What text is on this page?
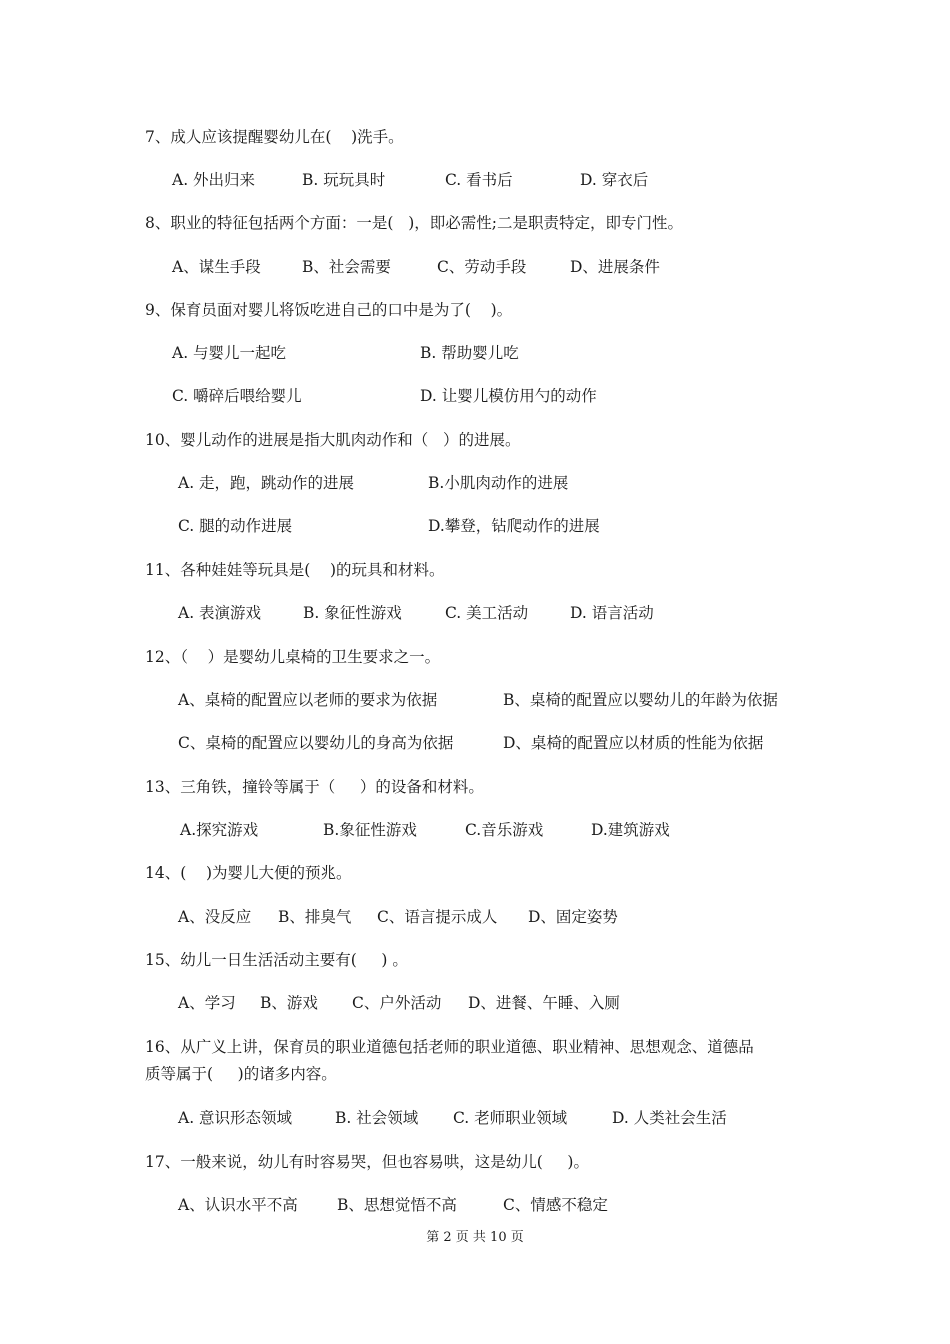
7、成人应该提醒婴幼儿在(    )洗手。
A. 外出归来	B. 玩玩具时	C. 看书后	D. 穿衣后
8、职业的特征包括两个方面：一是(   )，即必需性;二是职责特定，即专门性。
A、谋生手段	B、社会需要	C、劳动手段	D、进展条件
9、保育员面对婴儿将饭吃进自己的口中是为了(    )。
A. 与婴儿一起吃	B. 帮助婴儿吃
C. 嚼碎后喂给婴儿	D. 让婴儿模仿用勺的动作
10、婴儿动作的进展是指大肌肉动作和（   ）的进展。
A. 走，跑，跳动作的进展	B.小肌肉动作的进展
C. 腿的动作进展	D.攀登，钻爬动作的进展
11、各种娃娃等玩具是(    )的玩具和材料。
A. 表演游戏	B. 象征性游戏	C. 美工活动	D. 语言活动
12、（    ）是婴幼儿桌椅的卫生要求之一。
A、桌椅的配置应以老师的要求为依据	B、桌椅的配置应以婴幼儿的年龄为依据
C、桌椅的配置应以婴幼儿的身高为依据	D、桌椅的配置应以材质的性能为依据
13、三角铁，撞铃等属于（     ）的设备和材料。
A.探究游戏	B.象征性游戏	C.音乐游戏	D.建筑游戏
14、(    )为婴儿大便的预兆。
A、没反应 B、排臭气 C、语言提示成人 D、固定姿势
15、幼儿一日生活活动主要有(     ) 。
A、学习 B、游戏 C、户外活动 D、进餐、午睡、入厕
16、从广义上讲，保育员的职业道德包括老师的职业道德、职业精神、思想观念、道德品
质等属于(     )的诸多内容。
A. 意识形态领域	B. 社会领域 C. 老师职业领域	D. 人类社会生活
17、一般来说，幼儿有时容易哭，但也容易哄，这是幼儿(     )。
A、认识水平不高	B、思想觉悟不高	C、情感不稳定
第 2 页 共 10 页
